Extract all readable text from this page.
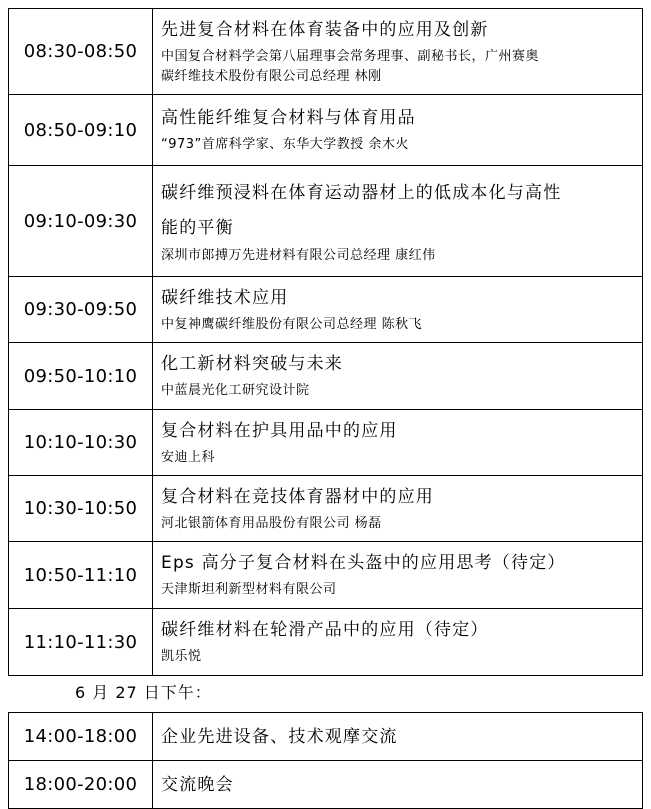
08:30-08:50	先进复合材料在体育装备中的应用及创新
中国复合材料学会第八届理事会常务理事、副秘书长，广州赛奥
碳纤维技术股份有限公司总经理 林刚

08:50-09:10	高性能纤维复合材料与体育用品
“973”首席科学家、东华大学教授 余木火

09:10-09:30	碳纤维预浸料在体育运动器材上的低成本化与高性
能的平衡
深圳市郎搏万先进材料有限公司总经理 康红伟

09:30-09:50	碳纤维技术应用
中复神鹰碳纤维股份有限公司总经理 陈秋飞

09:50-10:10	化工新材料突破与未来
中蓝晨光化工研究设计院

10:10-10:30	复合材料在护具用品中的应用
安迪上科

10:30-10:50	复合材料在竞技体育器材中的应用
河北银箭体育用品股份有限公司 杨磊

10:50-11:10	Eps 高分子复合材料在头盔中的应用思考（待定）
天津斯坦利新型材料有限公司

11:10-11:30	碳纤维材料在轮滑产品中的应用（待定）
凯乐悦
6 月 27 日下午：
14:00-18:00	企业先进设备、技术观摩交流

18:00-20:00	交流晚会
